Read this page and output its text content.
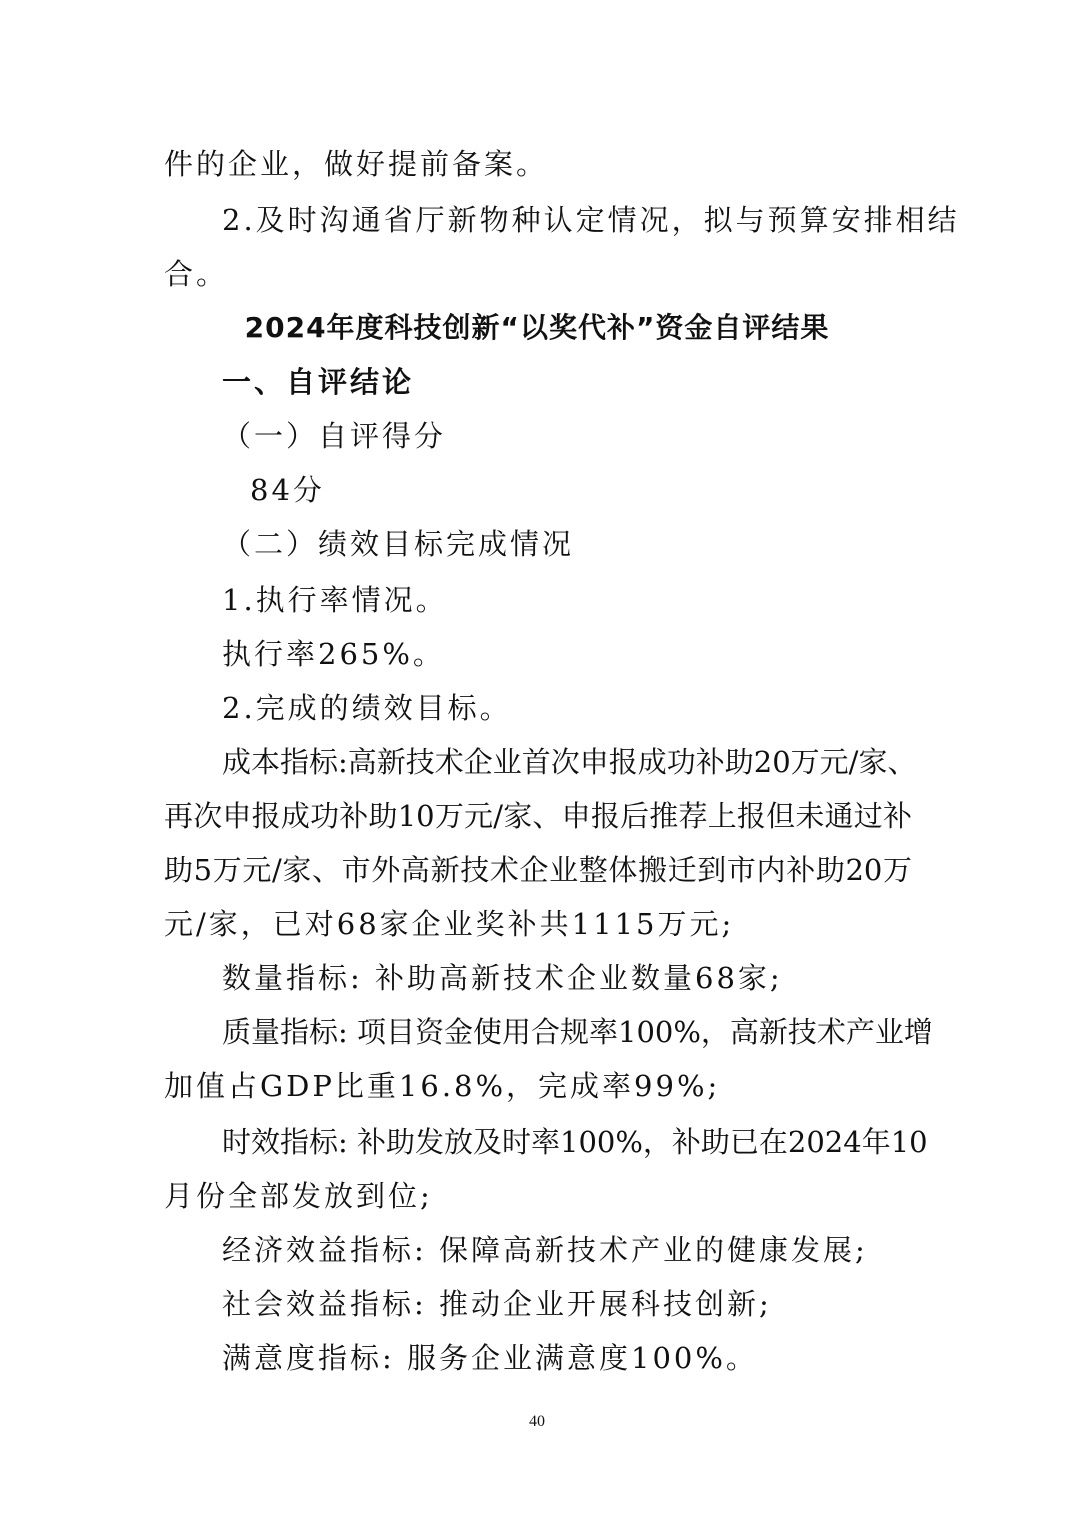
件的企业，做好提前备案。
2.及时沟通省厅新物种认定情况，拟与预算安排相结
合。
2024年度科技创新“以奖代补”资金自评结果
一、自评结论
（一）自评得分
84分
（二）绩效目标完成情况
1.执行率情况。
执行率265%。
2.完成的绩效目标。
成本指标:高新技术企业首次申报成功补助20万元/家、
再次申报成功补助10万元/家、申报后推荐上报但未通过补
助5万元/家、市外高新技术企业整体搬迁到市内补助20万
元/家，已对68家企业奖补共1115万元;
数量指标: 补助高新技术企业数量68家;
质量指标: 项目资金使用合规率100%，高新技术产业增
加值占GDP比重16.8%，完成率99%;
时效指标: 补助发放及时率100%，补助已在2024年10
月份全部发放到位;
经济效益指标: 保障高新技术产业的健康发展;
社会效益指标: 推动企业开展科技创新;
满意度指标: 服务企业满意度100%。
40
